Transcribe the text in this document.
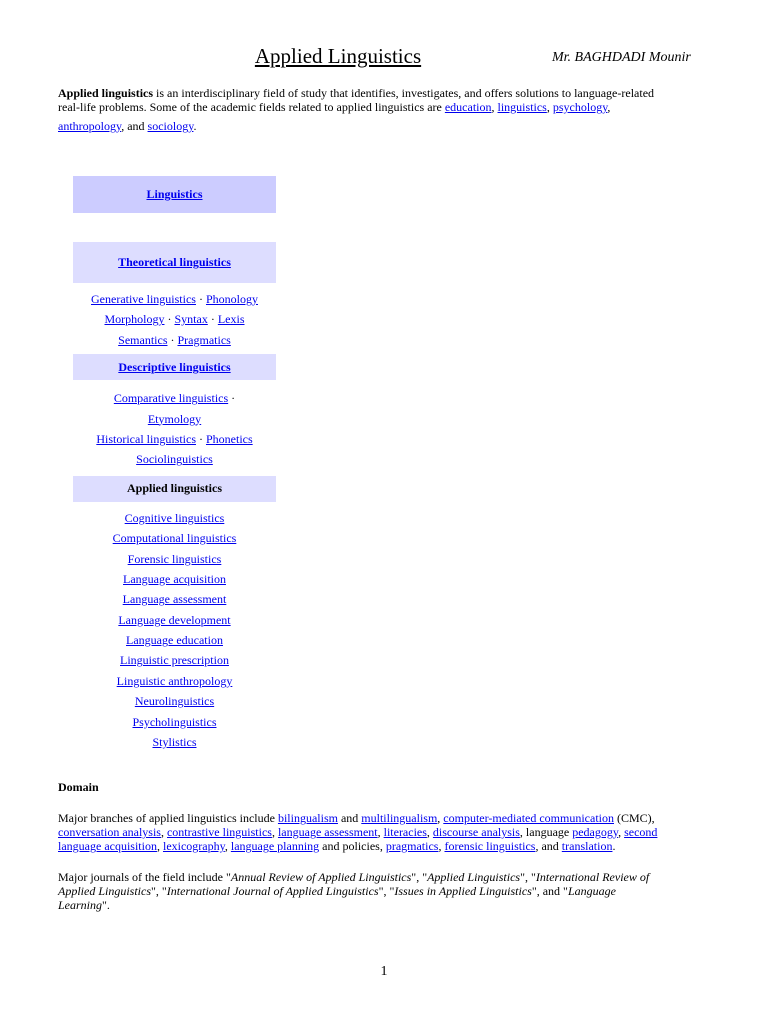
Applied Linguistics	Mr. BAGHDADI Mounir
Applied linguistics is an interdisciplinary field of study that identifies, investigates, and offers solutions to language-related
real-life problems. Some of the academic fields related to applied linguistics are education, linguistics, psychology,
anthropology, and sociology.
Linguistics
Theoretical linguistics
Generative linguistics · Phonology
Morphology · Syntax · Lexis
Semantics · Pragmatics
Descriptive linguistics
Comparative linguistics ·
Etymology
Historical linguistics · Phonetics
Sociolinguistics
Applied linguistics
Cognitive linguistics
Computational linguistics
Forensic linguistics
Language acquisition
Language assessment
Language development
Language education
Linguistic prescription
Linguistic anthropology
Neurolinguistics
Psycholinguistics
Stylistics
Domain
Major branches of applied linguistics include bilingualism and multilingualism, computer-mediated communication (CMC),
conversation analysis, contrastive linguistics, language assessment, literacies, discourse analysis, language pedagogy, second
language acquisition, lexicography, language planning and policies, pragmatics, forensic linguistics, and translation.
Major journals of the field include "Annual Review of Applied Linguistics", "Applied Linguistics", "International Review of
Applied Linguistics", "International Journal of Applied Linguistics", "Issues in Applied Linguistics", and "Language
Learning".
1
